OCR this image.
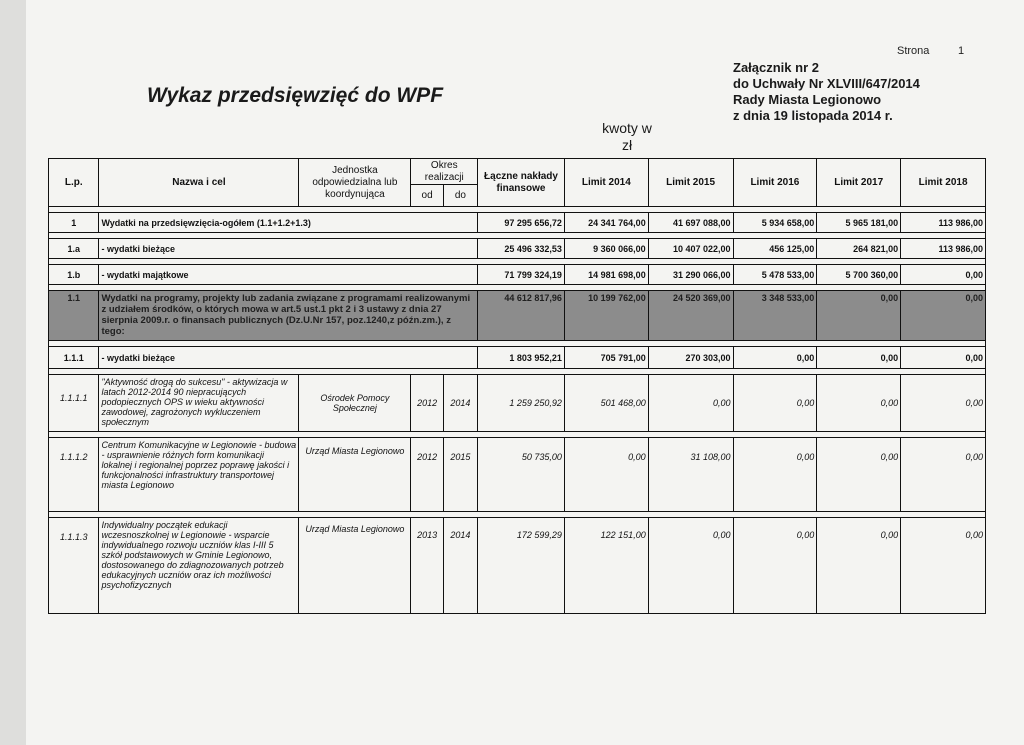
Wykaz przedsięwzięć do WPF
kwoty w zł
Strona	1
Załącznik nr 2
do Uchwały Nr XLVIII/647/2014
Rady Miasta Legionowo
z dnia 19 listopada 2014 r.
L.p.	Nazwa i cel	Jednostka odpowiedzialna lub koordynująca	Okres realizacji		Łączne nakłady finansowe	Limit 2014	Limit 2015	Limit 2016	Limit 2017	Limit 2018
			od	do						

1	Wydatki na przedsięwzięcia-ogółem (1.1+1.2+1.3)				97 295 656,72	24 341 764,00	41 697 088,00	5 934 658,00	5 965 181,00	113 986,00

1.a	- wydatki bieżące				25 496 332,53	9 360 066,00	10 407 022,00	456 125,00	264 821,00	113 986,00

1.b	- wydatki majątkowe				71 799 324,19	14 981 698,00	31 290 066,00	5 478 533,00	5 700 360,00	0,00

1.1	Wydatki na programy, projekty lub zadania związane z programami realizowanymi z udziałem środków, o których mowa w art.5 ust.1 pkt 2 i 3 ustawy z dnia 27 sierpnia 2009.r. o finansach publicznych (Dz.U.Nr 157, poz.1240,z późn.zm.), z tego:				44 612 817,96	10 199 762,00	24 520 369,00	3 348 533,00	0,00	0,00

1.1.1	- wydatki bieżące				1 803 952,21	705 791,00	270 303,00	0,00	0,00	0,00

1.1.1.1	"Aktywność drogą do sukcesu" - aktywizacja w latach 2012-2014 90 niepracujących podopiecznych OPS w wieku aktywności zawodowej, zagrożonych wykluczeniem społecznym	Ośrodek Pomocy Społecznej	2012	2014	1 259 250,92	501 468,00	0,00	0,00	0,00	0,00

1.1.1.2	Centrum Komunikacyjne w Legionowie - budowa - usprawnienie różnych form komunikacji lokalnej i regionalnej poprzez poprawę jakości i funkcjonalności infrastruktury transportowej miasta Legionowo	Urząd Miasta Legionowo	2012	2015	50 735,00	0,00	31 108,00	0,00	0,00	0,00

1.1.1.3	Indywidualny początek edukacji wczesnoszkolnej w Legionowie - wsparcie indywidualnego rozwoju uczniów klas I-III 5 szkół podstawowych w Gminie Legionowo, dostosowanego do zdiagnozowanych potrzeb edukacyjnych uczniów oraz ich możliwości psychofizycznych	Urząd Miasta Legionowo	2013	2014	172 599,29	122 151,00	0,00	0,00	0,00	0,00
